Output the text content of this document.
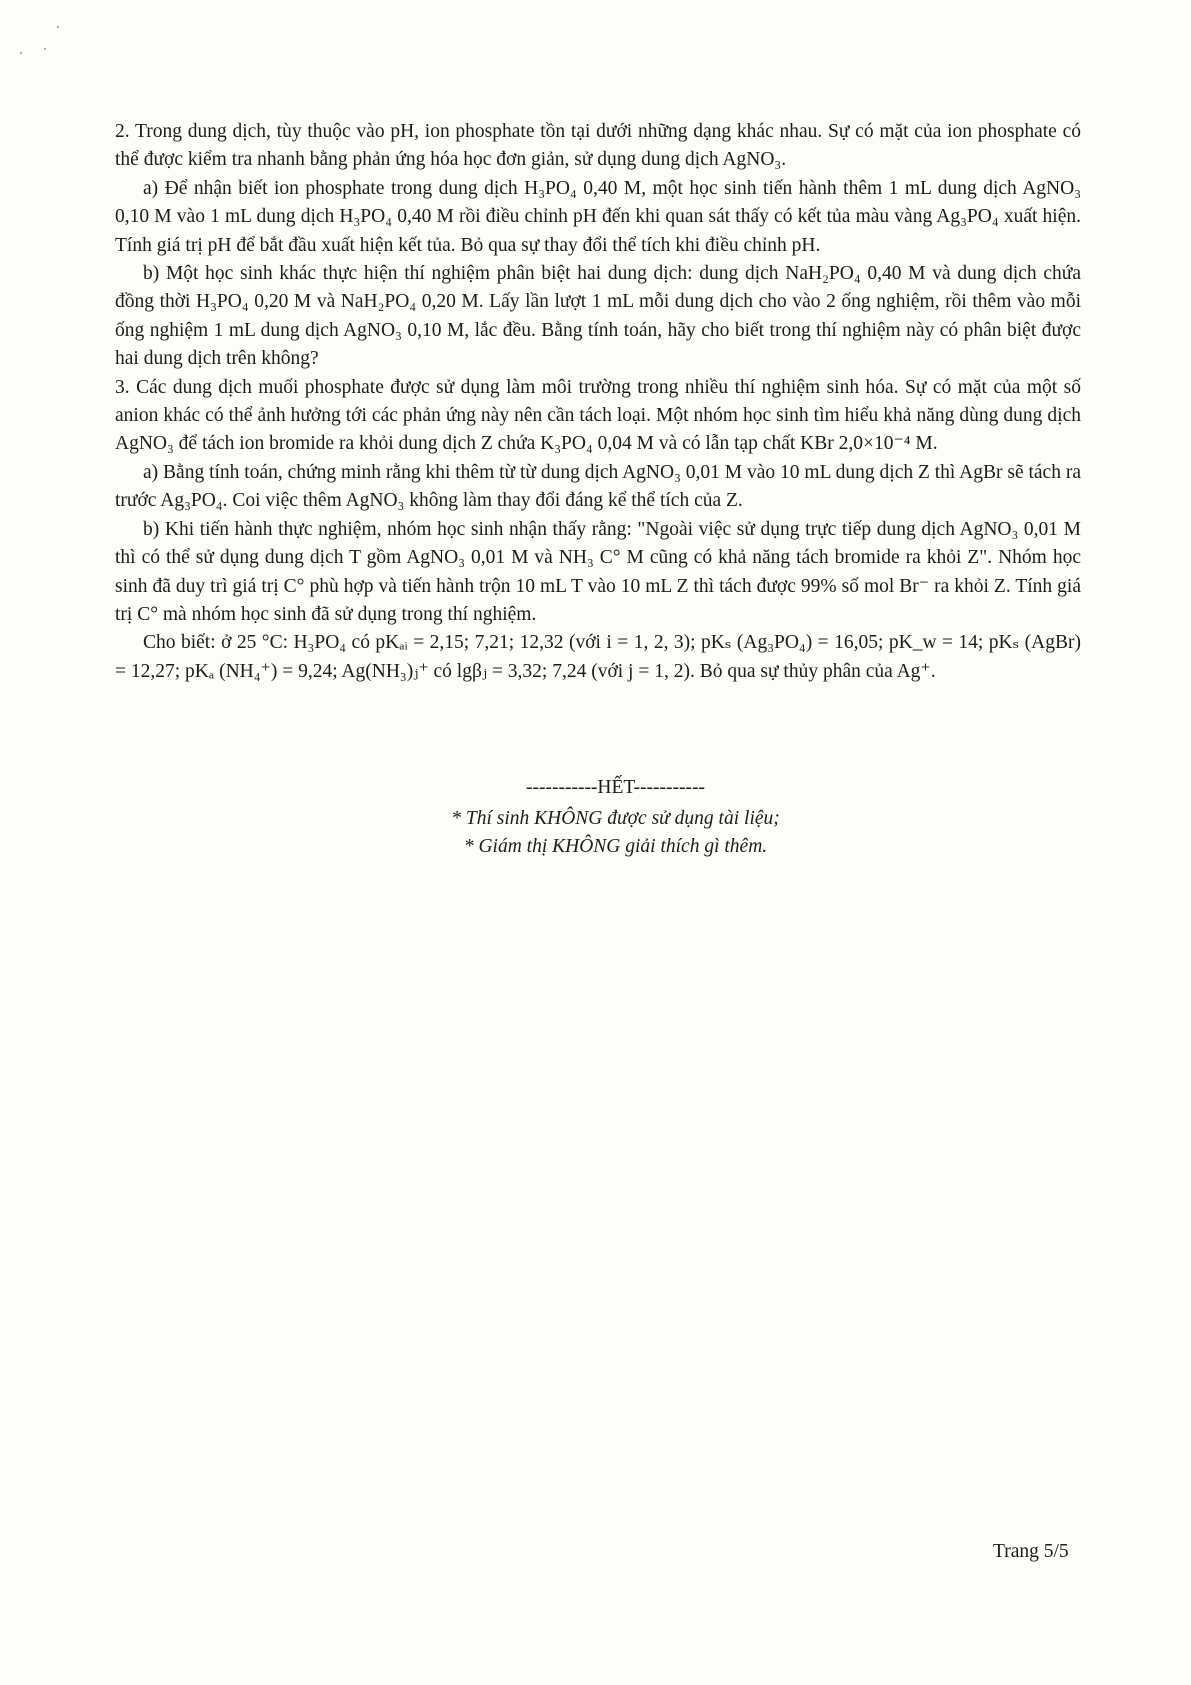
2. Trong dung dịch, tùy thuộc vào pH, ion phosphate tồn tại dưới những dạng khác nhau. Sự có mặt của ion phosphate có thể được kiểm tra nhanh bằng phản ứng hóa học đơn giản, sử dụng dung dịch AgNO₃.

a) Để nhận biết ion phosphate trong dung dịch H₃PO₄ 0,40 M, một học sinh tiến hành thêm 1 mL dung dịch AgNO₃ 0,10 M vào 1 mL dung dịch H₃PO₄ 0,40 M rồi điều chỉnh pH đến khi quan sát thấy có kết tủa màu vàng Ag₃PO₄ xuất hiện. Tính giá trị pH để bắt đầu xuất hiện kết tủa. Bỏ qua sự thay đổi thể tích khi điều chỉnh pH.

b) Một học sinh khác thực hiện thí nghiệm phân biệt hai dung dịch: dung dịch NaH₂PO₄ 0,40 M và dung dịch chứa đồng thời H₃PO₄ 0,20 M và NaH₂PO₄ 0,20 M. Lấy lần lượt 1 mL mỗi dung dịch cho vào 2 ống nghiệm, rồi thêm vào mỗi ống nghiệm 1 mL dung dịch AgNO₃ 0,10 M, lắc đều. Bằng tính toán, hãy cho biết trong thí nghiệm này có phân biệt được hai dung dịch trên không?

3. Các dung dịch muối phosphate được sử dụng làm môi trường trong nhiều thí nghiệm sinh hóa. Sự có mặt của một số anion khác có thể ảnh hưởng tới các phản ứng này nên cần tách loại. Một nhóm học sinh tìm hiểu khả năng dùng dung dịch AgNO₃ để tách ion bromide ra khỏi dung dịch Z chứa K₃PO₄ 0,04 M và có lẫn tạp chất KBr 2,0×10⁻⁴ M.

a) Bằng tính toán, chứng minh rằng khi thêm từ từ dung dịch AgNO₃ 0,01 M vào 10 mL dung dịch Z thì AgBr sẽ tách ra trước Ag₃PO₄. Coi việc thêm AgNO₃ không làm thay đổi đáng kể thể tích của Z.

b) Khi tiến hành thực nghiệm, nhóm học sinh nhận thấy rằng: "Ngoài việc sử dụng trực tiếp dung dịch AgNO₃ 0,01 M thì có thể sử dụng dung dịch T gồm AgNO₃ 0,01 M và NH₃ C° M cũng có khả năng tách bromide ra khỏi Z". Nhóm học sinh đã duy trì giá trị C° phù hợp và tiến hành trộn 10 mL T vào 10 mL Z thì tách được 99% số mol Br⁻ ra khỏi Z. Tính giá trị C° mà nhóm học sinh đã sử dụng trong thí nghiệm.

Cho biết: ở 25 °C: H₃PO₄ có pKₐᵢ = 2,15; 7,21; 12,32 (với i = 1, 2, 3); pKₛ (Ag₃PO₄) = 16,05; pK_w = 14; pKₛ (AgBr) = 12,27; pKₐ (NH₄⁺) = 9,24; Ag(NH₃)ⱼ⁺ có lgβⱼ = 3,32; 7,24 (với j = 1, 2). Bỏ qua sự thủy phân của Ag⁺.

-----------HẾT-----------
* Thí sinh KHÔNG được sử dụng tài liệu;
* Giám thị KHÔNG giải thích gì thêm.
Trang 5/5
